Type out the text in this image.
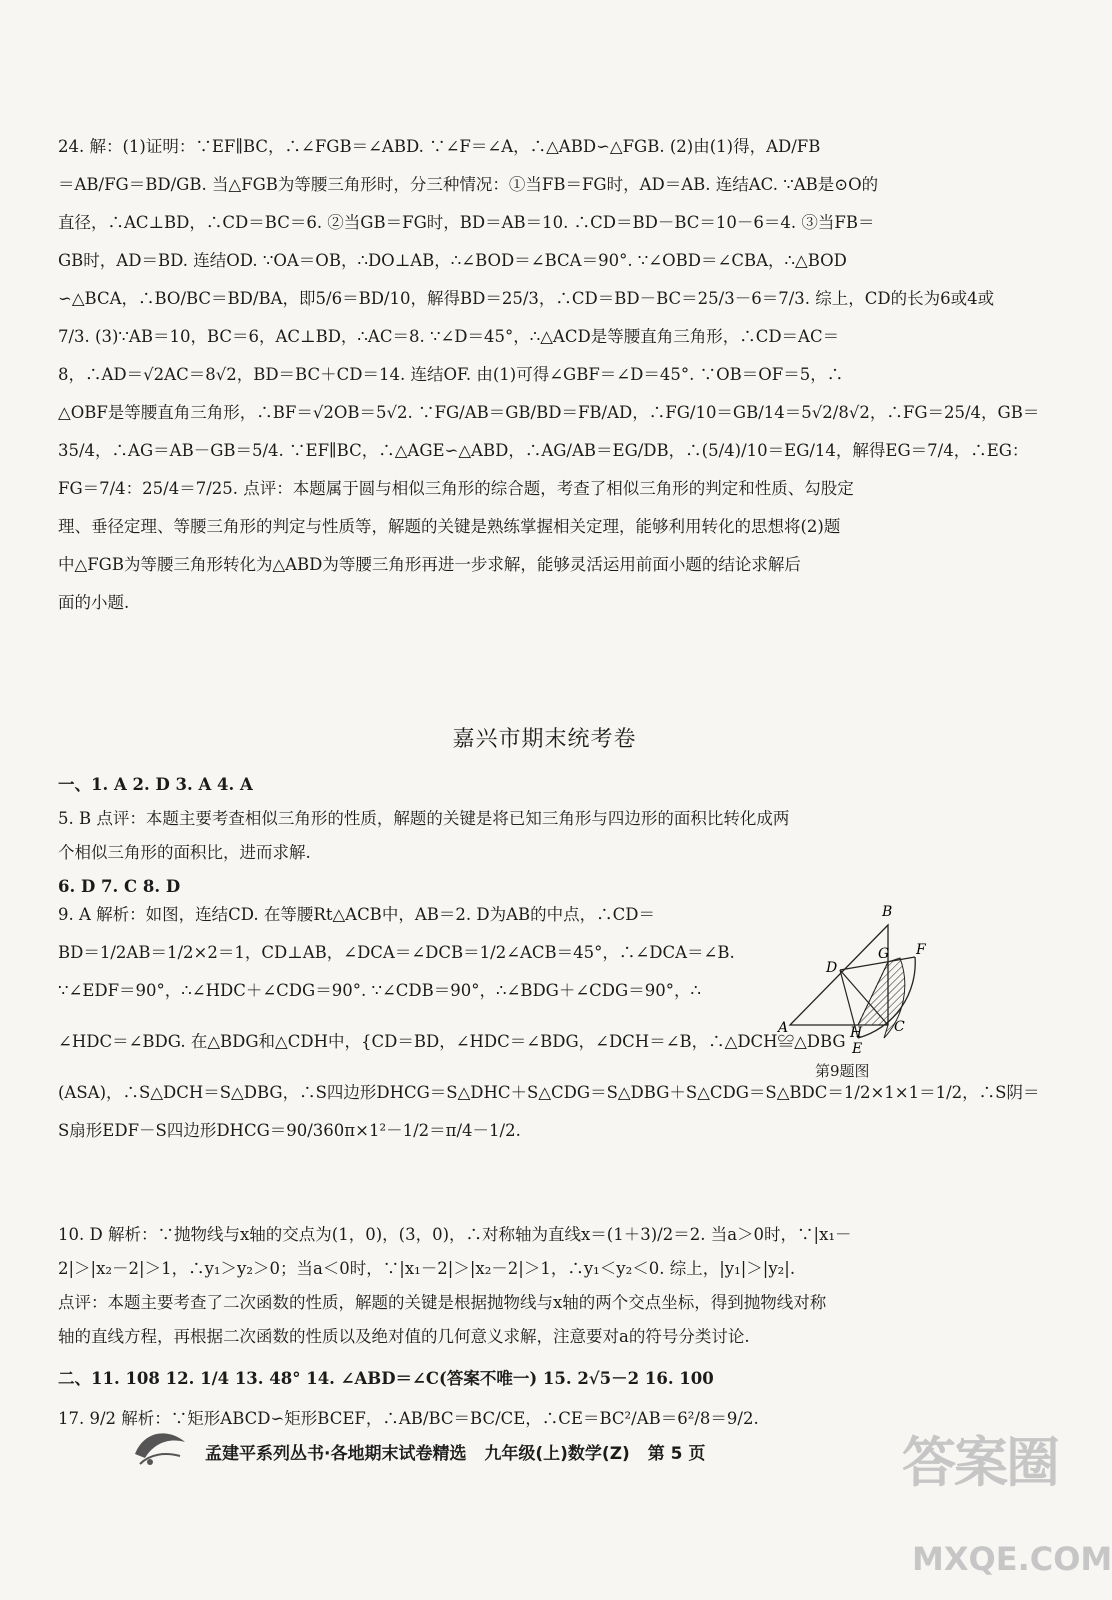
24. 解：(1)证明：∵EF∥BC，∴∠FGB＝∠ABD. ∵∠F＝∠A，∴△ABD∽△FGB. (2)由(1)得，AD/FB
＝AB/FG＝BD/GB. 当△FGB为等腰三角形时，分三种情况：①当FB＝FG时，AD＝AB. 连结AC. ∵AB是⊙O的
直径，∴AC⊥BD，∴CD＝BC＝6. ②当GB＝FG时，BD＝AB＝10. ∴CD＝BD－BC＝10－6＝4. ③当FB＝
GB时，AD＝BD. 连结OD. ∵OA＝OB，∴DO⊥AB，∴∠BOD＝∠BCA＝90°. ∵∠OBD＝∠CBA，∴△BOD
∽△BCA，∴BO/BC＝BD/BA，即5/6＝BD/10，解得BD＝25/3，∴CD＝BD－BC＝25/3－6＝7/3. 综上，CD的长为6或4或
7/3. (3)∵AB＝10，BC＝6，AC⊥BD，∴AC＝8. ∵∠D＝45°，∴△ACD是等腰直角三角形，∴CD＝AC＝
8，∴AD＝√2AC＝8√2，BD＝BC＋CD＝14. 连结OF. 由(1)可得∠GBF＝∠D＝45°. ∵OB＝OF＝5，∴
△OBF是等腰直角三角形，∴BF＝√2OB＝5√2. ∵FG/AB＝GB/BD＝FB/AD，∴FG/10＝GB/14＝5√2/8√2，∴FG＝25/4，GB＝
35/4，∴AG＝AB－GB＝5/4. ∵EF∥BC，∴△AGE∽△ABD，∴AG/AB＝EG/DB，∴(5/4)/10＝EG/14，解得EG＝7/4，∴EG：
FG＝7/4：25/4＝7/25. 点评：本题属于圆与相似三角形的综合题，考查了相似三角形的判定和性质、勾股定
理、垂径定理、等腰三角形的判定与性质等，解题的关键是熟练掌握相关定理，能够利用转化的思想将(2)题
中△FGB为等腰三角形转化为△ABD为等腰三角形再进一步求解，能够灵活运用前面小题的结论求解后
面的小题.
嘉兴市期末统考卷
一、1. A 2. D 3. A 4. A
5. B 点评：本题主要考查相似三角形的性质，解题的关键是将已知三角形与四边形的面积比转化成两
个相似三角形的面积比，进而求解.
6. D 7. C 8. D
9. A 解析：如图，连结CD. 在等腰Rt△ACB中，AB＝2. D为AB的中点，∴CD＝
BD＝1/2AB＝1/2×2＝1，CD⊥AB，∠DCA＝∠DCB＝1/2∠ACB＝45°，∴∠DCA＝∠B.
∵∠EDF＝90°，∴∠HDC＋∠CDG＝90°. ∵∠CDB＝90°，∴∠BDG＋∠CDG＝90°，∴
∠HDC＝∠BDG. 在△BDG和△CDH中，{CD＝BD，∠HDC＝∠BDG，∠DCH＝∠B，∴△DCH≌△DBG
(ASA)，∴S△DCH＝S△DBG，∴S四边形DHCG＝S△DHC＋S△CDG＝S△DBG＋S△CDG＝S△BDC＝1/2×1×1＝1/2，∴S阴＝
S扇形EDF－S四边形DHCG＝90/360π×1²－1/2＝π/4－1/2.
B
G F
D
A	H C
E
第9题图
10. D 解析：∵抛物线与x轴的交点为(1，0)，(3，0)，∴对称轴为直线x＝(1＋3)/2＝2. 当a＞0时，∵|x₁－
2|＞|x₂－2|＞1，∴y₁＞y₂＞0；当a＜0时，∵|x₁－2|＞|x₂－2|＞1，∴y₁＜y₂＜0. 综上，|y₁|＞|y₂|.
点评：本题主要考查了二次函数的性质，解题的关键是根据抛物线与x轴的两个交点坐标，得到抛物线对称
轴的直线方程，再根据二次函数的性质以及绝对值的几何意义求解，注意要对a的符号分类讨论.
二、11. 108 12. 1/4 13. 48° 14. ∠ABD＝∠C(答案不唯一) 15. 2√5－2 16. 100
17. 9/2 解析：∵矩形ABCD∽矩形BCEF，∴AB/BC＝BC/CE，∴CE＝BC²/AB＝6²/8＝9/2.
孟建平系列丛书·各地期末试卷精选 九年级(上)数学(Z) 第 5 页	答案圈
MXQE.COM
